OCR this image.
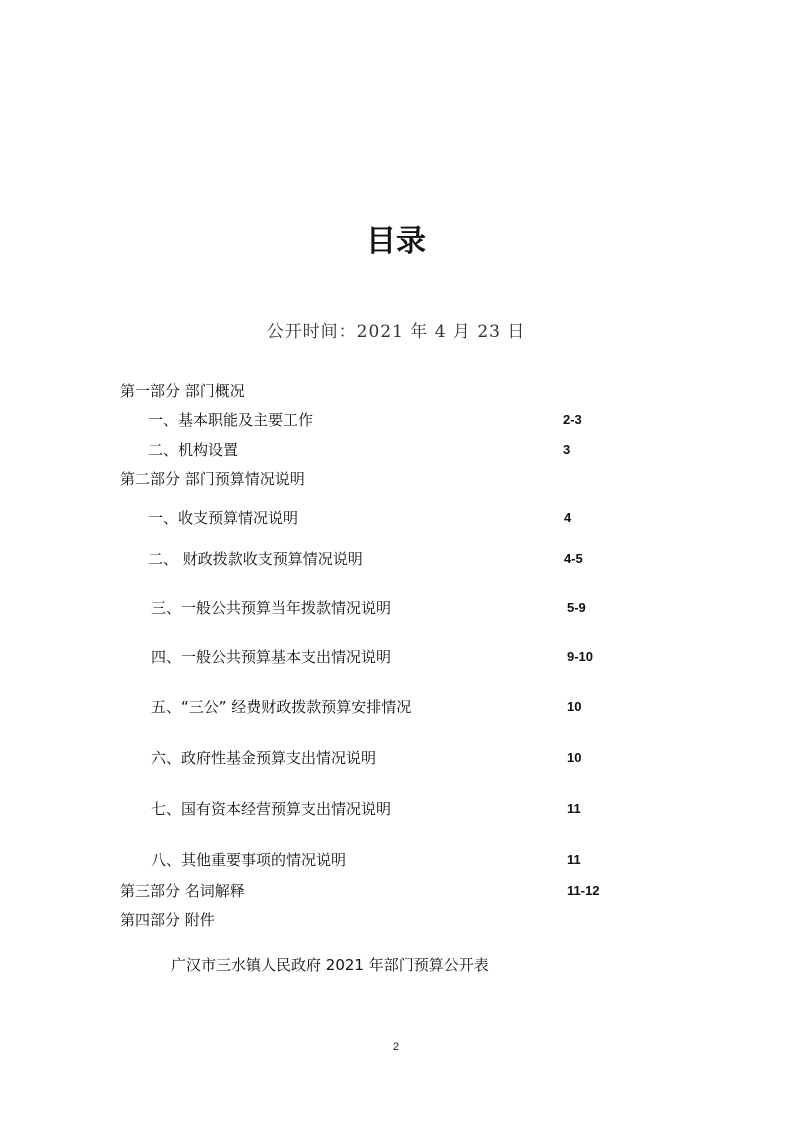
目录
公开时间：2021 年 4 月 23 日
第一部分 部门概况
一、基本职能及主要工作	2-3
二、机构设置	3
第二部分 部门预算情况说明
一、收支预算情况说明	4
二、 财政拨款收支预算情况说明	4-5
三、一般公共预算当年拨款情况说明	5-9
四、一般公共预算基本支出情况说明	9-10
五、“三公” 经费财政拨款预算安排情况	10
六、政府性基金预算支出情况说明	10
七、国有资本经营预算支出情况说明	11
八、其他重要事项的情况说明	11
第三部分 名词解释	11-12
第四部分 附件
广汉市三水镇人民政府 2021 年部门预算公开表
2
